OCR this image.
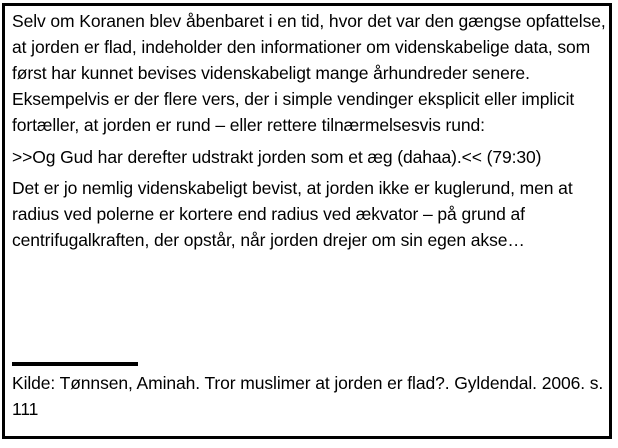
Selv om Koranen blev åbenbaret i en tid, hvor det var den gængse opfattelse, at jorden er flad, indeholder den informationer om videnskabelige data, som først har kunnet bevises videnskabeligt mange århundreder senere. Eksempelvis er der flere vers, der i simple vendinger eksplicit eller implicit fortæller, at jorden er rund – eller rettere tilnærmelsesvis rund:

>>Og Gud har derefter udstrakt jorden som et æg (dahaa).<< (79:30)

Det er jo nemlig videnskabeligt bevist, at jorden ikke er kuglerund, men at radius ved polerne er kortere end radius ved ækvator – på grund af centrifugalkraften, der opstår, når jorden drejer om sin egen akse…

Kilde: Tønnsen, Aminah. Tror muslimer at jorden er flad?. Gyldendal. 2006. s. 111
